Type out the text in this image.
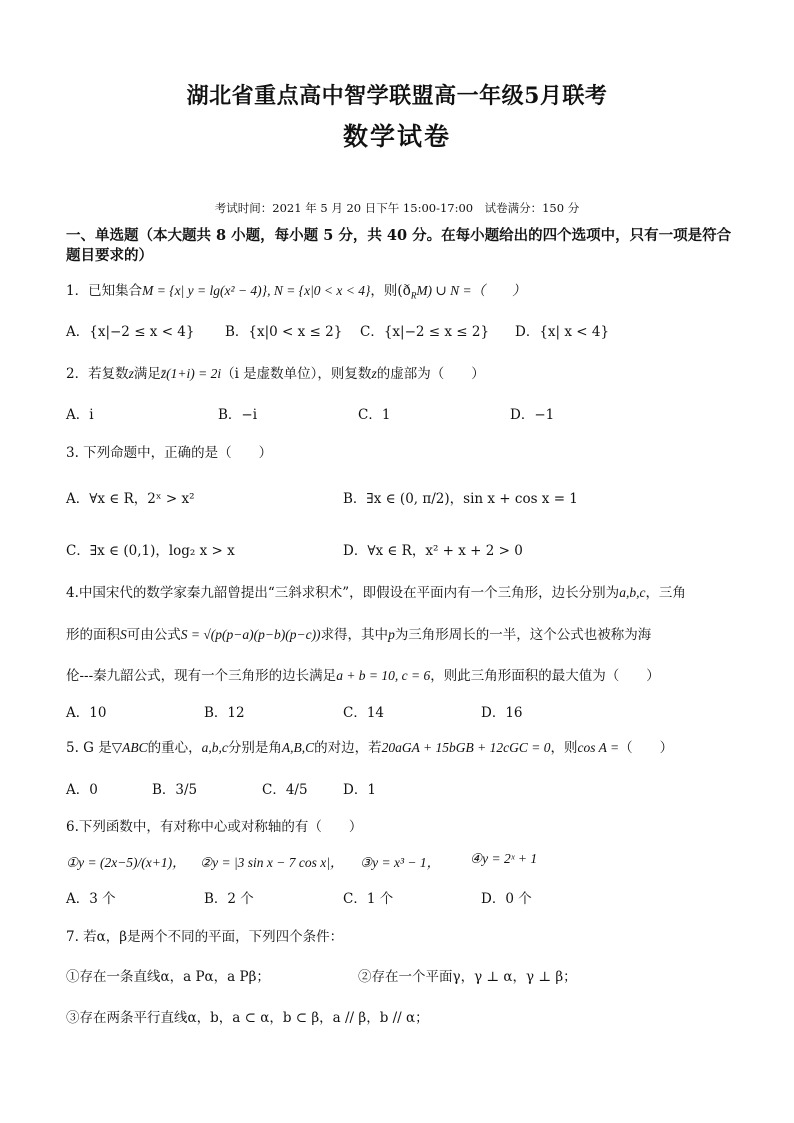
湖北省重点高中智学联盟高一年级5月联考
数学试卷
考试时间：2021 年 5 月 20 日下午 15:00-17:00　试卷满分：150 分
一、单选题（本大题共 8 小题，每小题 5 分，共 40 分。在每小题给出的四个选项中，只有一项是符合题目要求的）
1．已知集合M = {x| y = lg(x² − 4)}, N = {x|0 < x < 4}，则$(ð_RM)$ ∪ N =（　　）
A．{x|−2 ≤ x < 4} B．{x|0 < x ≤ 2} C．{x|−2 ≤ x ≤ 2} D．{x| x < 4}
2．若复数z满足z̄(1+i) = 2i（i 是虚数单位），则复数z的虚部为（　　）
A．i	B．−i	C．1	D．−1
3. 下列命题中，正确的是（　　）
A．∀x ∈ R，2ˣ > x²	B．∃x ∈ (0, π/2)，sin x + cos x = 1
C．∃x ∈ (0,1)，log₂ x > x	D．∀x ∈ R，x² + x + 2 > 0
4.中国宋代的数学家秦九韶曾提出“三斜求积术”，即假设在平面内有一个三角形，边长分别为a,b,c，三角
形的面积S可由公式S = √(p(p−a)(p−b)(p−c))求得，其中p为三角形周长的一半，这个公式也被称为海
伦---秦九韶公式，现有一个三角形的边长满足a + b = 10, c = 6，则此三角形面积的最大值为（　　）
A．10	B．12	C．14	D．16
5. G 是▽ABC的重心，a,b,c分别是角A,B,C的对边，若20aGA + 15bGB + 12cGC = 0，则cos A =（　　）
A．0	B．3/5	C．4/5	D．1
6.下列函数中，有对称中心或对称轴的有（　　）
①y = (2x−5)/(x+1)， ②y = |3 sin x − 7 cos x|， ③y = x³ − 1， ④y = 2ˣ + 1
A．3 个	B．2 个	C．1 个	D．0 个
7. 若α，β是两个不同的平面，下列四个条件：
①存在一条直线α，a Pα，a Pβ；	②存在一个平面γ，γ ⊥ α，γ ⊥ β；
③存在两条平行直线α，b，a ⊂ α，b ⊂ β，a // β，b // α；
